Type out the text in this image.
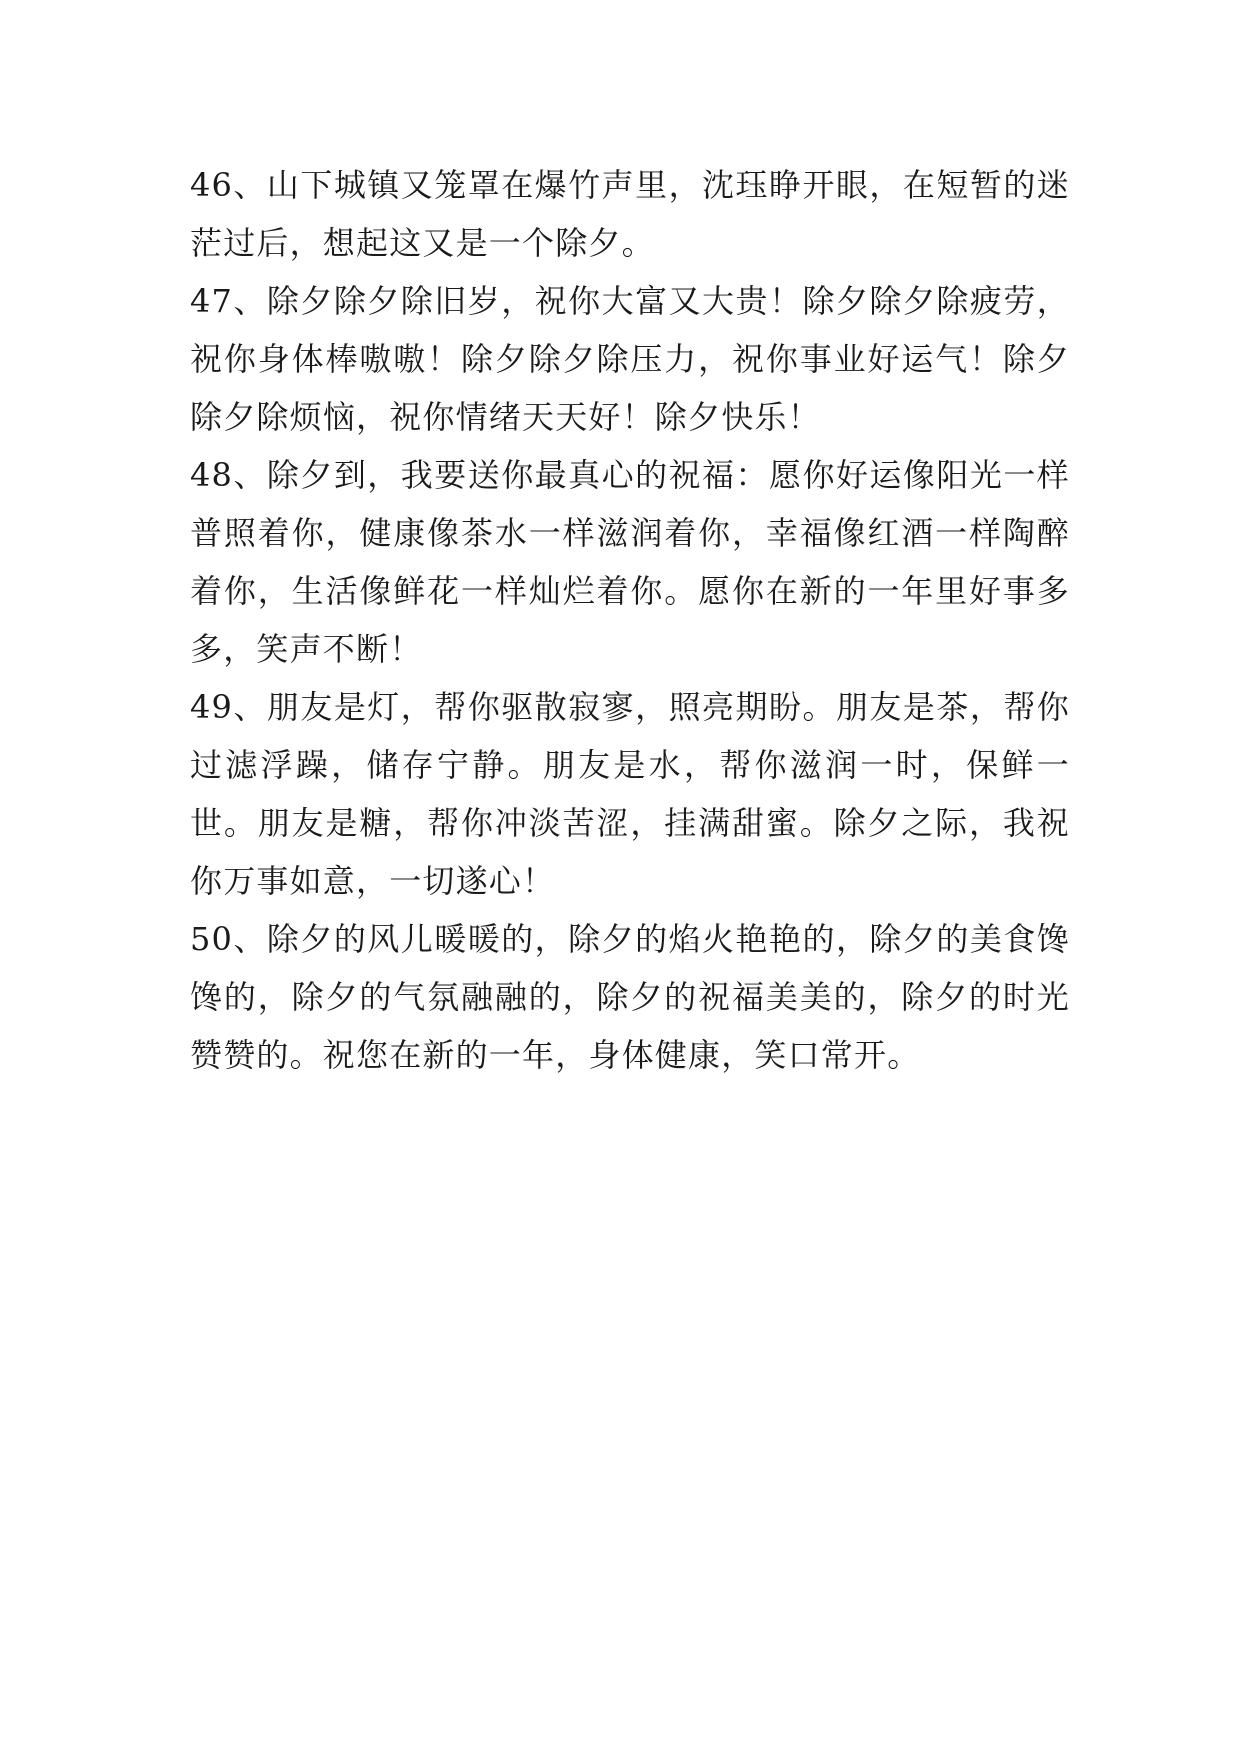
46、山下城镇又笼罩在爆竹声里，沈珏睁开眼，在短暂的迷茫过后，想起这又是一个除夕。

47、除夕除夕除旧岁，祝你大富又大贵！除夕除夕除疲劳，祝你身体棒嗷嗷！除夕除夕除压力，祝你事业好运气！除夕除夕除烦恼，祝你情绪天天好！除夕快乐！

48、除夕到，我要送你最真心的祝福：愿你好运像阳光一样普照着你，健康像茶水一样滋润着你，幸福像红酒一样陶醉着你，生活像鲜花一样灿烂着你。愿你在新的一年里好事多多，笑声不断！

49、朋友是灯，帮你驱散寂寥，照亮期盼。朋友是茶，帮你过滤浮躁，储存宁静。朋友是水，帮你滋润一时，保鲜一世。朋友是糖，帮你冲淡苦涩，挂满甜蜜。除夕之际，我祝你万事如意，一切遂心！

50、除夕的风儿暖暖的，除夕的焰火艳艳的，除夕的美食馋馋的，除夕的气氛融融的，除夕的祝福美美的，除夕的时光赞赞的。祝您在新的一年，身体健康，笑口常开。
